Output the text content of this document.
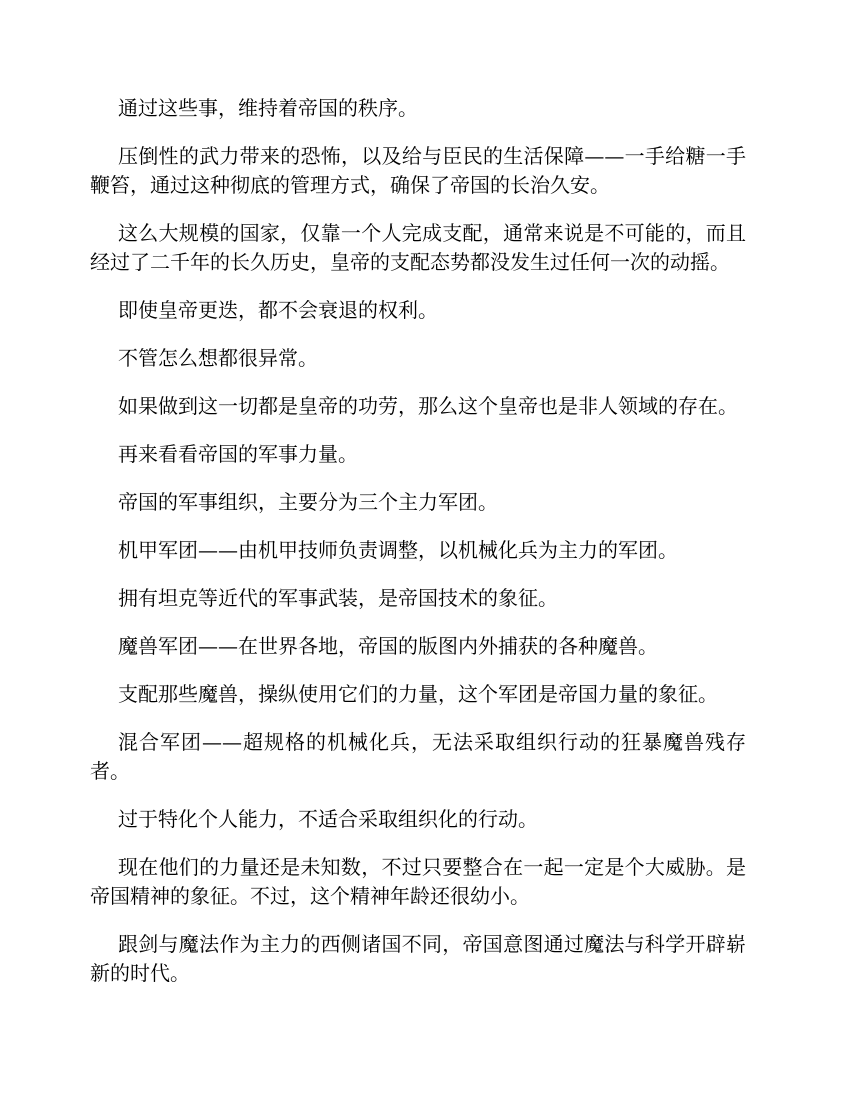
通过这些事，维持着帝国的秩序。

压倒性的武力带来的恐怖，以及给与臣民的生活保障——一手给糖一手鞭笞，通过这种彻底的管理方式，确保了帝国的长治久安。

这么大规模的国家，仅靠一个人完成支配，通常来说是不可能的，而且经过了二千年的长久历史，皇帝的支配态势都没发生过任何一次的动摇。

即使皇帝更迭，都不会衰退的权利。

不管怎么想都很异常。

如果做到这一切都是皇帝的功劳，那么这个皇帝也是非人领域的存在。

再来看看帝国的军事力量。

帝国的军事组织，主要分为三个主力军团。

机甲军团——由机甲技师负责调整，以机械化兵为主力的军团。

拥有坦克等近代的军事武装，是帝国技术的象征。

魔兽军团——在世界各地，帝国的版图内外捕获的各种魔兽。

支配那些魔兽，操纵使用它们的力量，这个军团是帝国力量的象征。

混合军团——超规格的机械化兵，无法采取组织行动的狂暴魔兽残存者。

过于特化个人能力，不适合采取组织化的行动。

现在他们的力量还是未知数，不过只要整合在一起一定是个大威胁。是帝国精神的象征。不过，这个精神年龄还很幼小。

跟剑与魔法作为主力的西侧诸国不同，帝国意图通过魔法与科学开辟崭新的时代。
